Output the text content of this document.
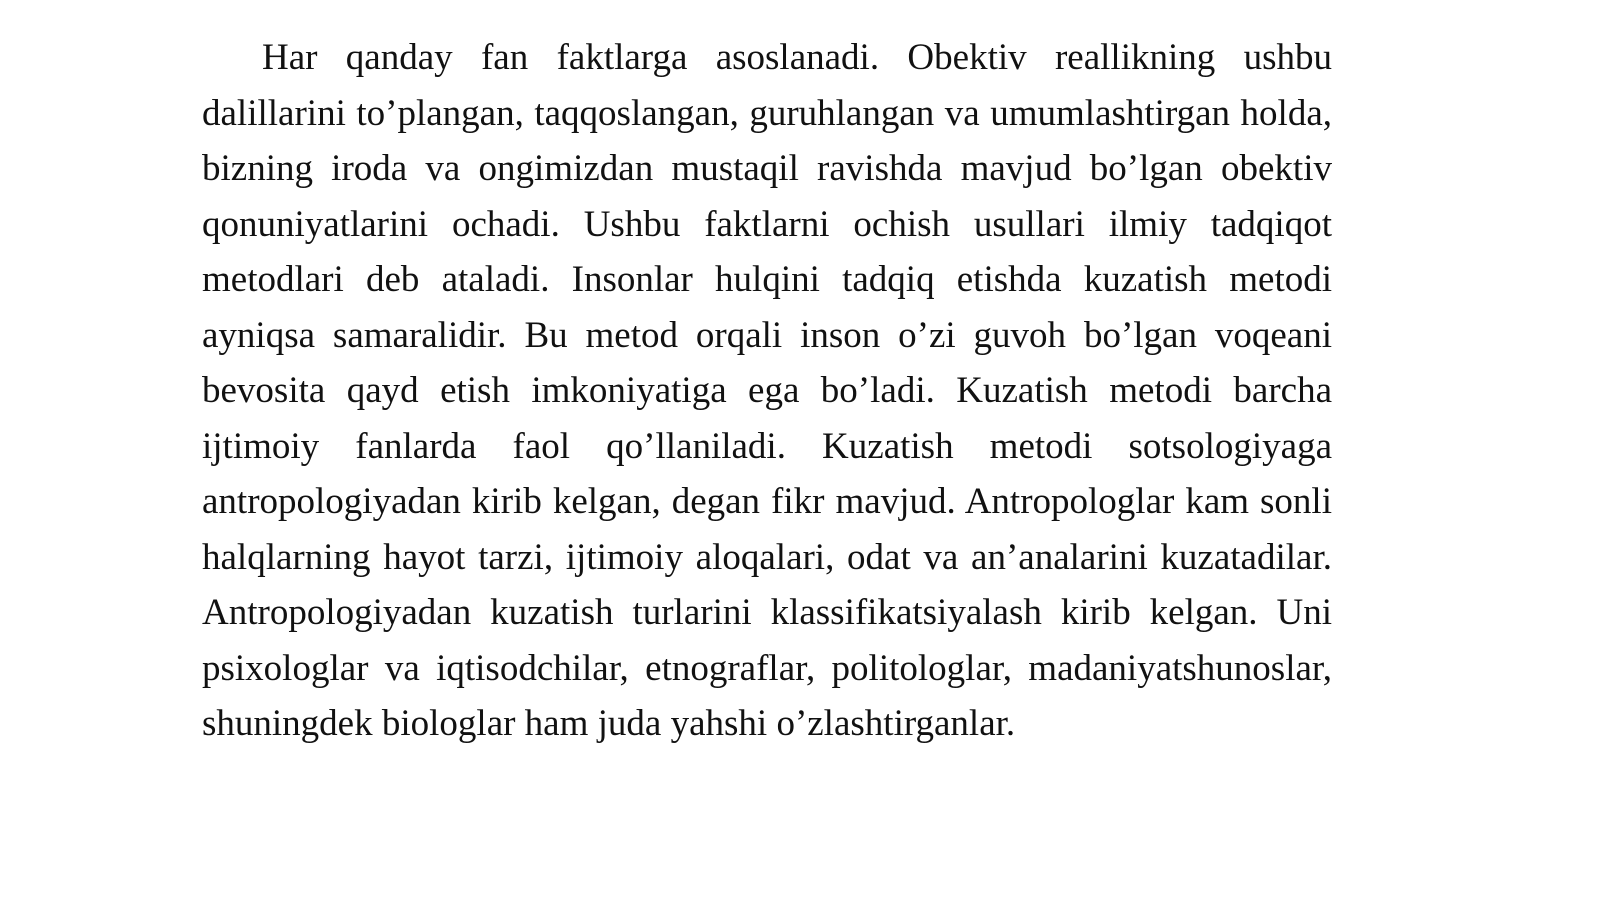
Har qanday fan faktlarga asoslanadi. Obektiv reallikning ushbu dalillarini to’plangan, taqqoslangan, guruhlangan va umumlashtirgan holda, bizning iroda va ongimizdan mustaqil ravishda mavjud bo’lgan obektiv qonuniyatlarini ochadi. Ushbu faktlarni ochish usullari ilmiy tadqiqot metodlari deb ataladi. Insonlar hulqini tadqiq etishda kuzatish metodi ayniqsa samaralidir. Bu metod orqali inson o’zi guvoh bo’lgan voqeani bevosita qayd etish imkoniyatiga ega bo’ladi. Kuzatish metodi barcha ijtimoiy fanlarda faol qo’llaniladi. Kuzatish metodi sotsologiyaga antropologiyadan kirib kelgan, degan fikr mavjud. Antropologlar kam sonli halqlarning hayot tarzi, ijtimoiy aloqalari, odat va an’analarini kuzatadilar. Antropologiyadan kuzatish turlarini klassifikatsiyalash kirib kelgan. Uni psixologlar va iqtisodchilar, etnograflar, politologlar, madaniyatshunoslar, shuningdek biologlar ham juda yahshi o’zlashtirganlar.
